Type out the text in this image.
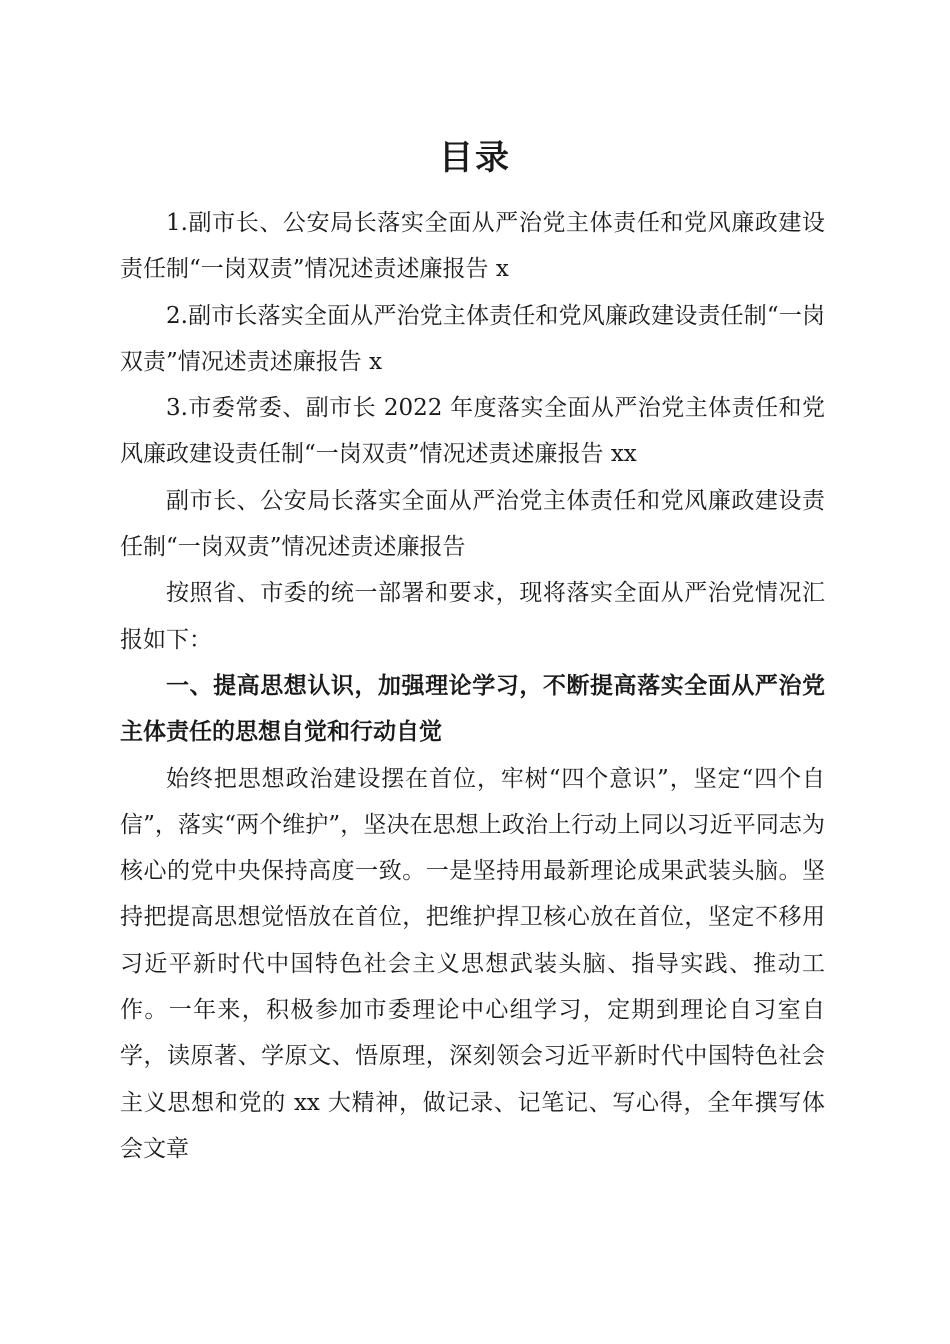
目录

1.副市长、公安局长落实全面从严治党主体责任和党风廉政建设责任制“一岗双责”情况述责述廉报告 x

2.副市长落实全面从严治党主体责任和党风廉政建设责任制“一岗双责”情况述责述廉报告 x

3.市委常委、副市长 2022 年度落实全面从严治党主体责任和党风廉政建设责任制“一岗双责”情况述责述廉报告 xx

副市长、公安局长落实全面从严治党主体责任和党风廉政建设责任制“一岗双责”情况述责述廉报告

按照省、市委的统一部署和要求，现将落实全面从严治党情况汇报如下：

一、提高思想认识，加强理论学习，不断提高落实全面从严治党主体责任的思想自觉和行动自觉

始终把思想政治建设摆在首位，牢树“四个意识”，坚定“四个自信”，落实“两个维护”，坚决在思想上政治上行动上同以习近平同志为核心的党中央保持高度一致。一是坚持用最新理论成果武装头脑。坚持把提高思想觉悟放在首位，把维护捍卫核心放在首位，坚定不移用习近平新时代中国特色社会主义思想武装头脑、指导实践、推动工作。一年来，积极参加市委理论中心组学习，定期到理论自习室自学，读原著、学原文、悟原理，深刻领会习近平新时代中国特色社会主义思想和党的 xx 大精神，做记录、记笔记、写心得，全年撰写体会文章
